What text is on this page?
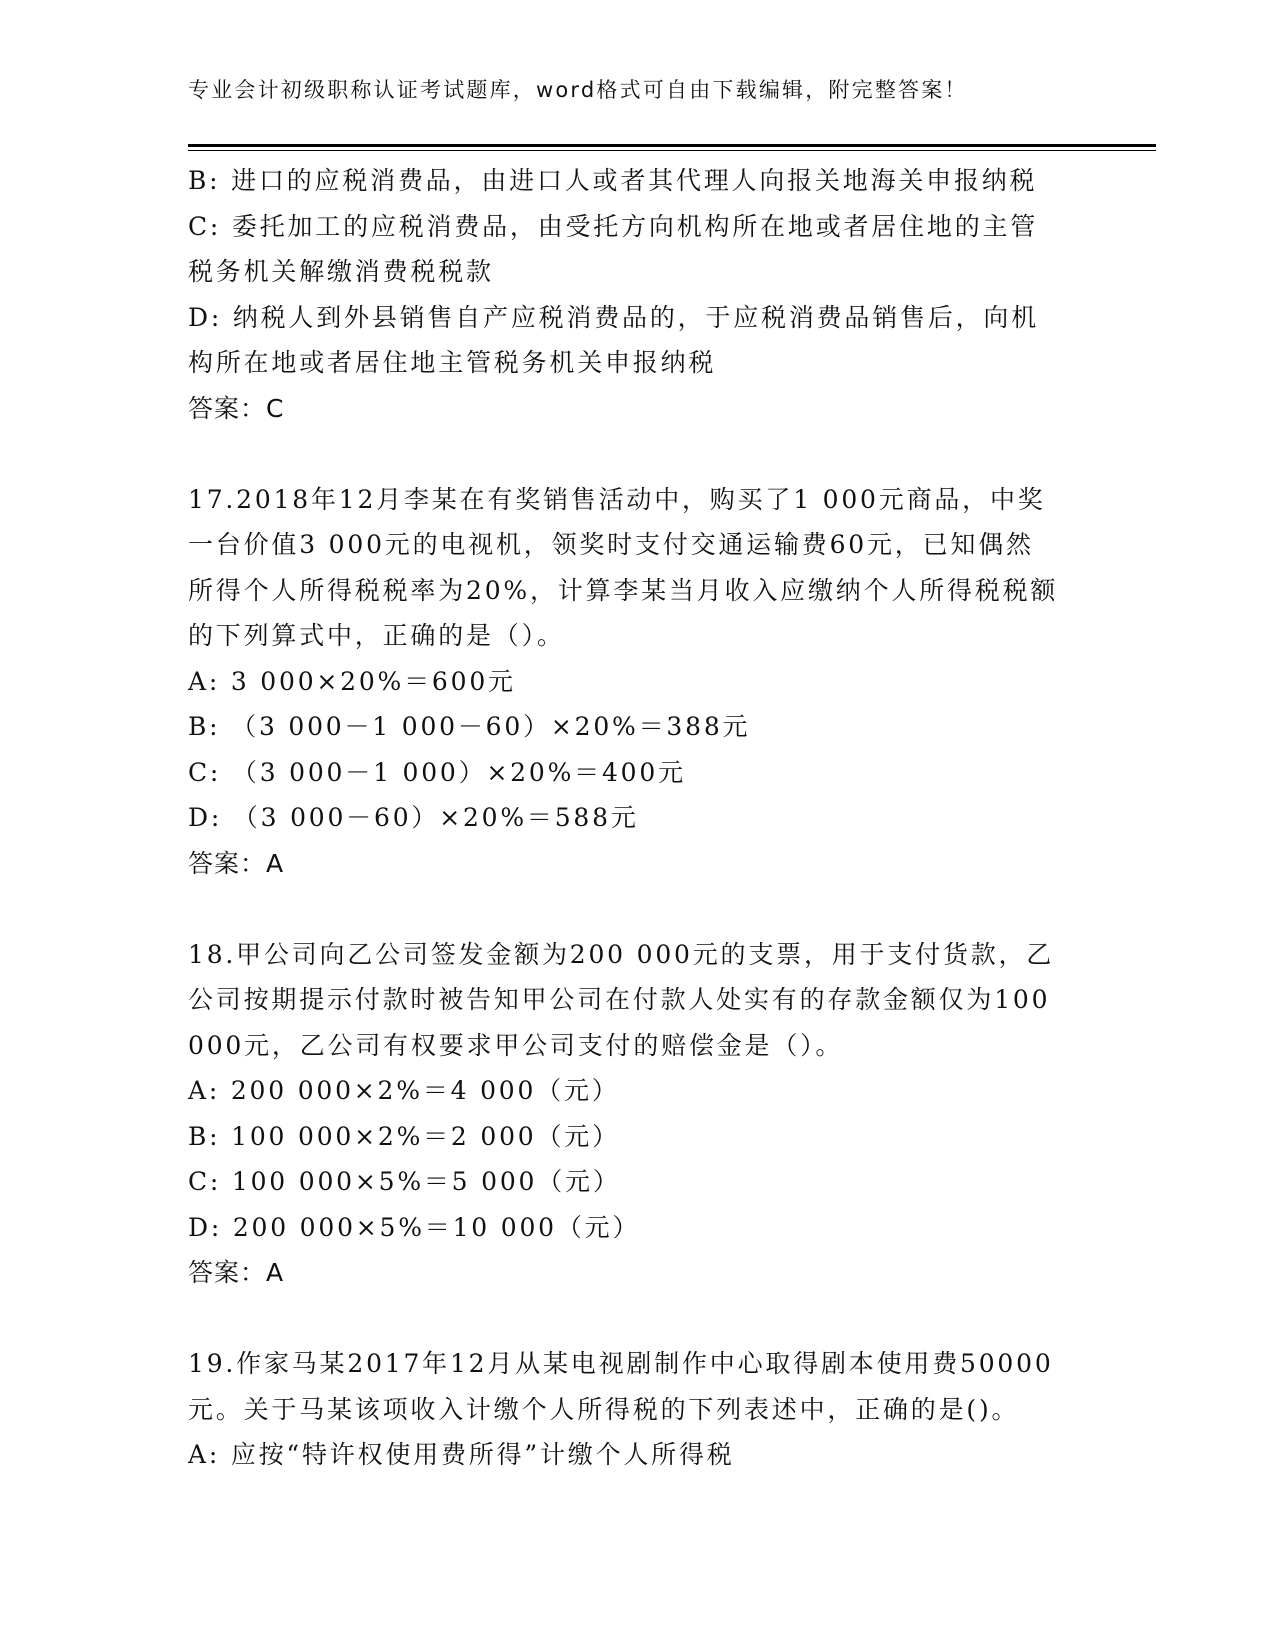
专业会计初级职称认证考试题库，word格式可自由下载编辑，附完整答案！
B: 进口的应税消费品，由进口人或者其代理人向报关地海关申报纳税
C: 委托加工的应税消费品，由受托方向机构所在地或者居住地的主管
税务机关解缴消费税税款
D: 纳税人到外县销售自产应税消费品的，于应税消费品销售后，向机
构所在地或者居住地主管税务机关申报纳税
答案：C
17.2018年12月李某在有奖销售活动中，购买了1 000元商品，中奖
一台价值3 000元的电视机，领奖时支付交通运输费60元，已知偶然
所得个人所得税税率为20%，计算李某当月收入应缴纳个人所得税税额
的下列算式中，正确的是（）。
A: 3 000×20%＝600元
B: （3 000－1 000－60）×20%＝388元
C: （3 000－1 000）×20%＝400元
D: （3 000－60）×20%＝588元
答案：A
18.甲公司向乙公司签发金额为200 000元的支票，用于支付货款，乙
公司按期提示付款时被告知甲公司在付款人处实有的存款金额仅为100
000元，乙公司有权要求甲公司支付的赔偿金是（）。
A: 200 000×2%＝4 000（元）
B: 100 000×2%＝2 000（元）
C: 100 000×5%＝5 000（元）
D: 200 000×5%＝10 000（元）
答案：A
19.作家马某2017年12月从某电视剧制作中心取得剧本使用费50000
元。关于马某该项收入计缴个人所得税的下列表述中，正确的是()。
A: 应按“特许权使用费所得”计缴个人所得税
